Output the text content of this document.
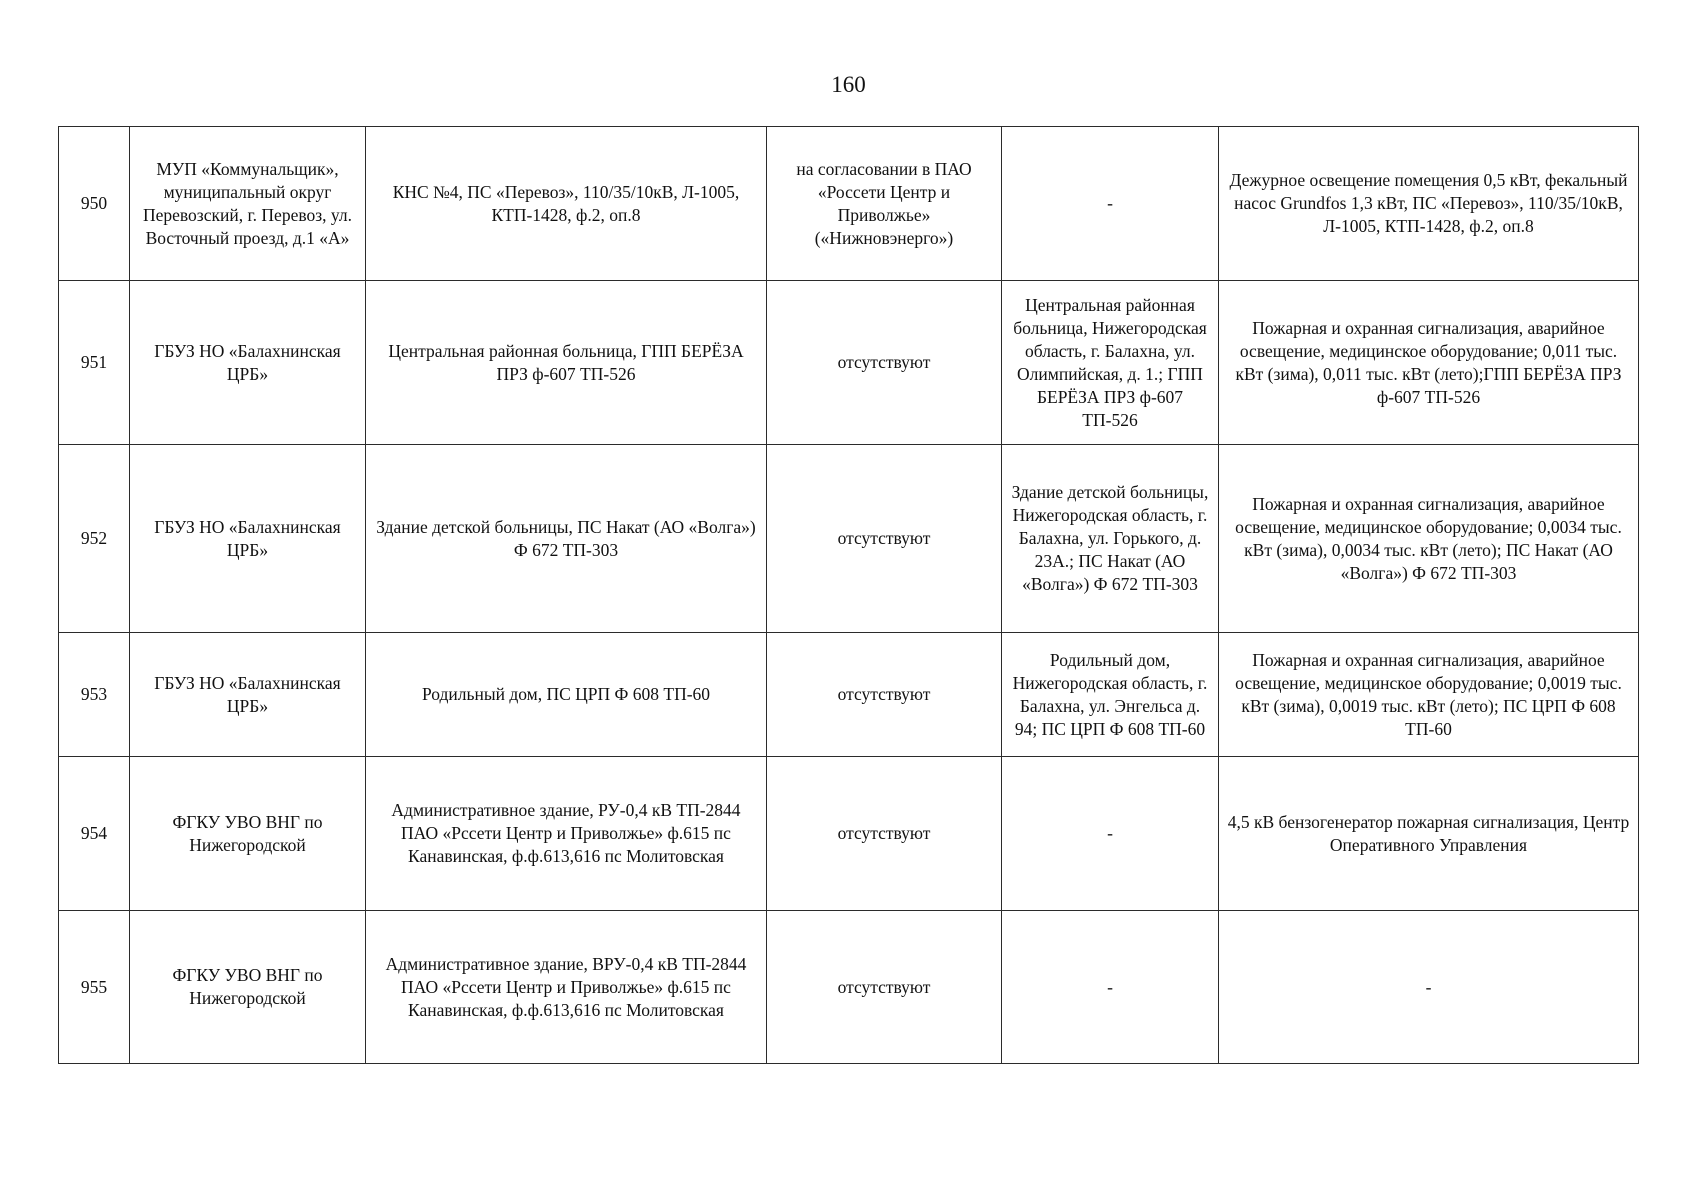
160
950	МУП «Коммунальщик», муниципальный округ Перевозский, г. Перевоз, ул. Восточный проезд, д.1 «А»	КНС №4, ПС «Перевоз», 110/35/10кВ, Л-1005, КТП-1428, ф.2, оп.8	на согласовании в ПАО «Россети Центр и Приволжье» («Нижновэнерго»)	-	Дежурное освещение помещения 0,5 кВт, фекальный насос Grundfos 1,3 кВт, ПС «Перевоз», 110/35/10кВ, Л-1005, КТП-1428, ф.2, оп.8
951	ГБУЗ НО «Балахнинская ЦРБ»	Центральная районная больница, ГПП БЕРЁЗА ПРЗ ф-607 ТП-526	отсутствуют	Центральная районная больница, Нижегородская область, г. Балахна, ул. Олимпийская, д. 1.; ГПП БЕРЁЗА ПРЗ ф-607 ТП-526	Пожарная и охранная сигнализация, аварийное освещение, медицинское оборудование; 0,011 тыс. кВт (зима), 0,011 тыс. кВт (лето);ГПП БЕРЁЗА ПРЗ ф-607 ТП-526
952	ГБУЗ НО «Балахнинская ЦРБ»	Здание детской больницы, ПС Накат (АО «Волга») Ф 672 ТП-303	отсутствуют	Здание детской больницы, Нижегородская область, г. Балахна, ул. Горького, д. 23А.; ПС Накат (АО «Волга») Ф 672 ТП-303	Пожарная и охранная сигнализация, аварийное освещение, медицинское оборудование; 0,0034 тыс. кВт (зима), 0,0034 тыс. кВт (лето); ПС Накат (АО «Волга») Ф 672 ТП-303
953	ГБУЗ НО «Балахнинская ЦРБ»	Родильный дом, ПС ЦРП Ф 608 ТП-60	отсутствуют	Родильный дом, Нижегородская область, г. Балахна, ул. Энгельса д. 94; ПС ЦРП Ф 608 ТП-60	Пожарная и охранная сигнализация, аварийное освещение, медицинское оборудование; 0,0019 тыс. кВт (зима), 0,0019 тыс. кВт (лето); ПС ЦРП Ф 608 ТП-60
954	ФГКУ УВО ВНГ по Нижегородской	Административное здание, РУ-0,4 кВ ТП-2844 ПАО «Рссети Центр и Приволжье» ф.615 пс Канавинская, ф.ф.613,616 пс Молитовская	отсутствуют	-	4,5 кВ бензогенератор пожарная сигнализация, Центр Оперативного Управления
955	ФГКУ УВО ВНГ по Нижегородской	Административное здание, ВРУ-0,4 кВ ТП-2844 ПАО «Рссети Центр и Приволжье» ф.615 пс Канавинская, ф.ф.613,616 пс Молитовская	отсутствуют	-	-
